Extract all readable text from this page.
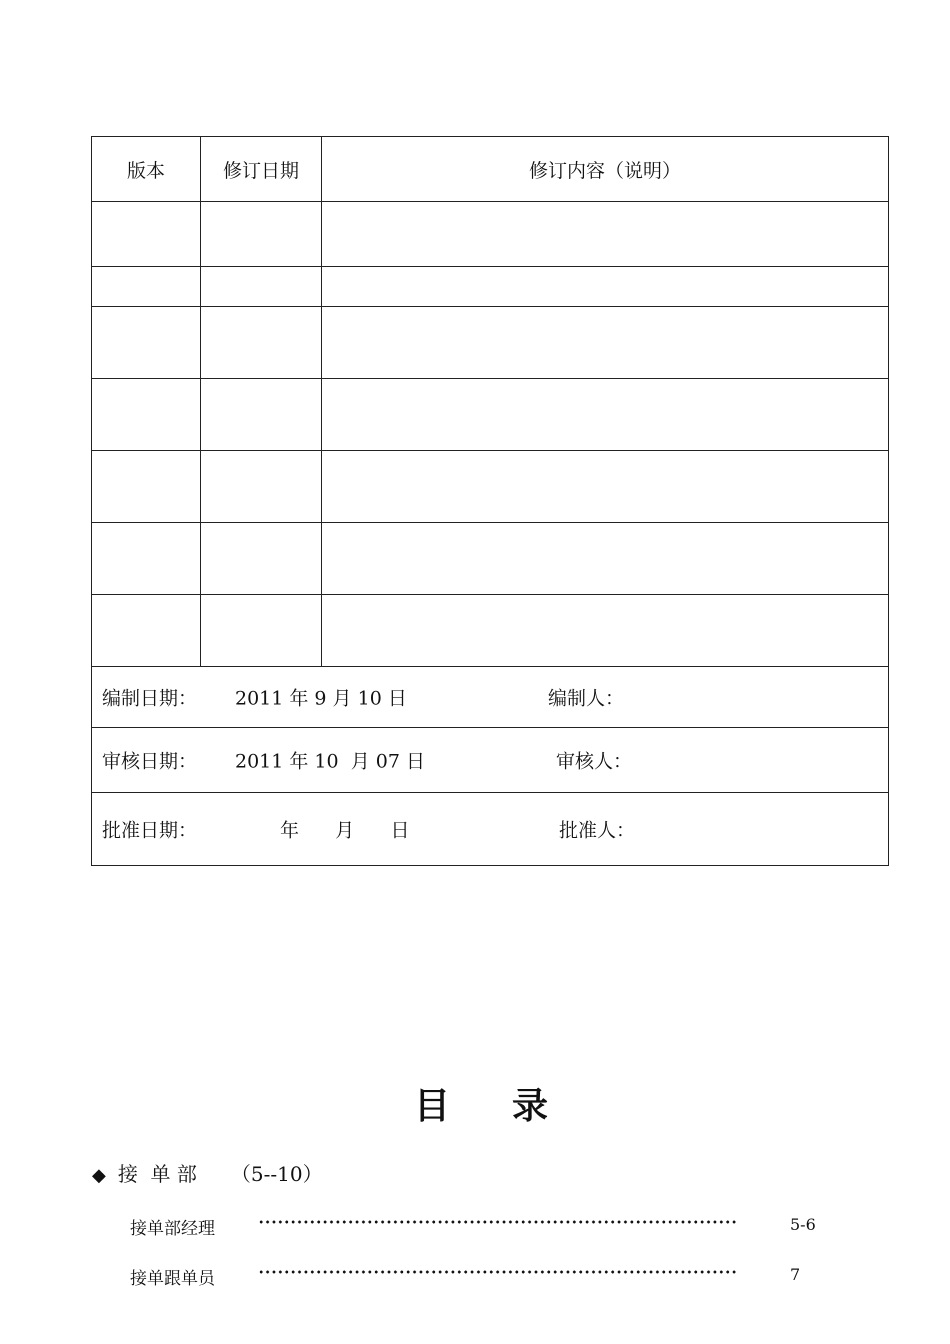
版本	修订日期	修订内容（说明）

编制日期： 2011 年 9 月 10 日 编制人：		

审核日期： 2011 年 10  月 07 日 审核人：		

批准日期： 年      月      日 批准人：		
目录
◆ 接  单 部 （5--10）
接单部经理	5-6
接单跟单员	7
